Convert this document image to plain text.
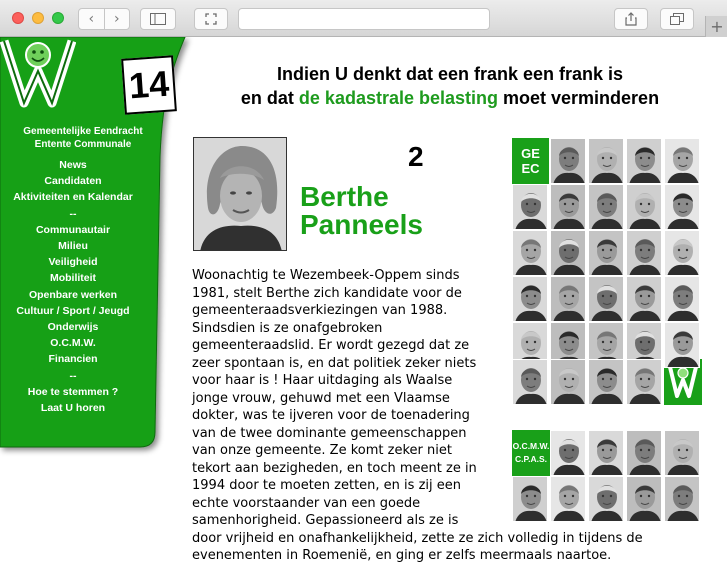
‹	›	+
14
Gemeentelijke Eendracht
Entente Communale
News
Candidaten
Aktiviteiten en Kalendar
--
Communautair
Milieu
Veiligheid
Mobiliteit
Openbare werken
Cultuur / Sport / Jeugd
Onderwijs
O.C.M.W.
Financien
--
Hoe te stemmen ?
Laat U horen
Indien U denkt dat een frank een frank is
en dat de kadastrale belasting moet verminderen
2
Berthe
Panneels
Woonachtig te Wezembeek-Oppem sinds 1981, stelt Berthe zich kandidate voor de gemeenteraadsverkiezingen van 1988. Sindsdien is ze onafgebroken gemeenteraadslid. Er wordt gezegd dat ze zeer spontaan is, en dat politiek zeker niets voor haar is ! Haar uitdaging als Waalse jonge vrouw, gehuwd met een Vlaamse dokter, was te ijveren voor de toenadering van de twee dominante gemeenschappen van onze gemeente. Ze komt zeker niet tekort aan bezigheden, en toch meent ze in 1994 door te moeten zetten, en is zij een echte voorstaander van een goede samenhorigheid. Gepassioneerd als ze is
door vrijheid en onafhankelijkheid, zette ze zich volledig in tijdens de evenementen in Roemenië, en ging er zelfs meermaals naartoe.
GE
EC
O.C.M.W.
C.P.A.S.
